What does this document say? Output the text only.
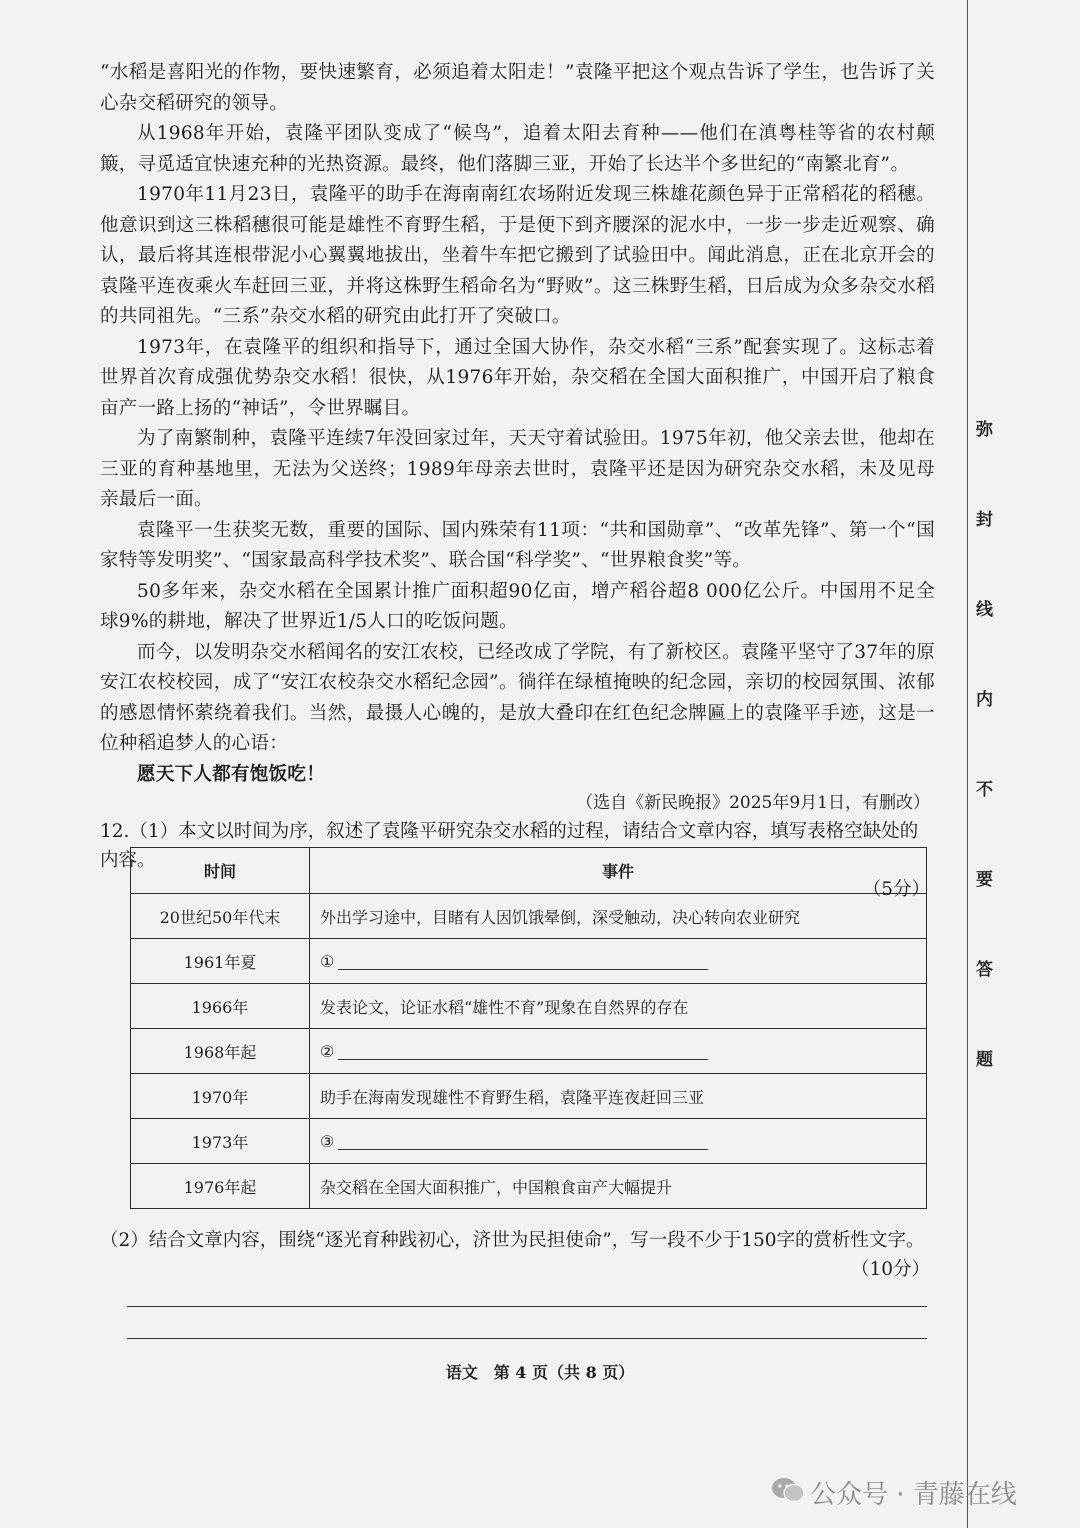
“水稻是喜阳光的作物，要快速繁育，必须追着太阳走！”袁隆平把这个观点告诉了学生，也告诉了关心杂交稻研究的领导。

从1968年开始，袁隆平团队变成了“候鸟”，追着太阳去育种——他们在滇粤桂等省的农村颠簸，寻觅适宜快速充种的光热资源。最终，他们落脚三亚，开始了长达半个多世纪的“南繁北育”。

1970年11月23日，袁隆平的助手在海南南红农场附近发现三株雄花颜色异于正常稻花的稻穗。他意识到这三株稻穗很可能是雄性不育野生稻，于是便下到齐腰深的泥水中，一步一步走近观察、确认，最后将其连根带泥小心翼翼地拔出，坐着牛车把它搬到了试验田中。闻此消息，正在北京开会的袁隆平连夜乘火车赶回三亚，并将这株野生稻命名为“野败”。这三株野生稻，日后成为众多杂交水稻的共同祖先。“三系”杂交水稻的研究由此打开了突破口。

1973年，在袁隆平的组织和指导下，通过全国大协作，杂交水稻“三系”配套实现了。这标志着世界首次育成强优势杂交水稻！很快，从1976年开始，杂交稻在全国大面积推广，中国开启了粮食亩产一路上扬的“神话”，令世界瞩目。

为了南繁制种，袁隆平连续7年没回家过年，天天守着试验田。1975年初，他父亲去世，他却在三亚的育种基地里，无法为父送终；1989年母亲去世时，袁隆平还是因为研究杂交水稻，未及见母亲最后一面。

袁隆平一生获奖无数，重要的国际、国内殊荣有11项：“共和国勋章”、“改革先锋”、第一个“国家特等发明奖”、“国家最高科学技术奖”、联合国“科学奖”、“世界粮食奖”等。

50多年来，杂交水稻在全国累计推广面积超90亿亩，增产稻谷超8 000亿公斤。中国用不足全球9%的耕地，解决了世界近1/5人口的吃饭问题。

而今，以发明杂交水稻闻名的安江农校，已经改成了学院，有了新校区。袁隆平坚守了37年的原安江农校校园，成了“安江农校杂交水稻纪念园”。徜徉在绿植掩映的纪念园，亲切的校园氛围、浓郁的感恩情怀萦绕着我们。当然，最摄人心魄的，是放大叠印在红色纪念牌匾上的袁隆平手迹，这是一位种稻追梦人的心语：

愿天下人都有饱饭吃！

（选自《新民晚报》2025年9月1日，有删改）
12.（1）本文以时间为序，叙述了袁隆平研究杂交水稻的过程，请结合文章内容，填写表格空缺处的内容。
（5分）
时间	事件
20世纪50年代末	外出学习途中，目睹有人因饥饿晕倒，深受触动，决心转向农业研究
1961年夏	①
1966年	发表论文，论证水稻“雄性不育”现象在自然界的存在
1968年起	②
1970年	助手在海南发现雄性不育野生稻，袁隆平连夜赶回三亚
1973年	③
1976年起	杂交稻在全国大面积推广，中国粮食亩产大幅提升
（2）结合文章内容，围绕“逐光育种践初心，济世为民担使命”，写一段不少于150字的赏析性文字。
（10分）
语文　第 4 页（共 8 页）
弥
封
线
内
不
要
答
题
公众号 · 青藤在线
